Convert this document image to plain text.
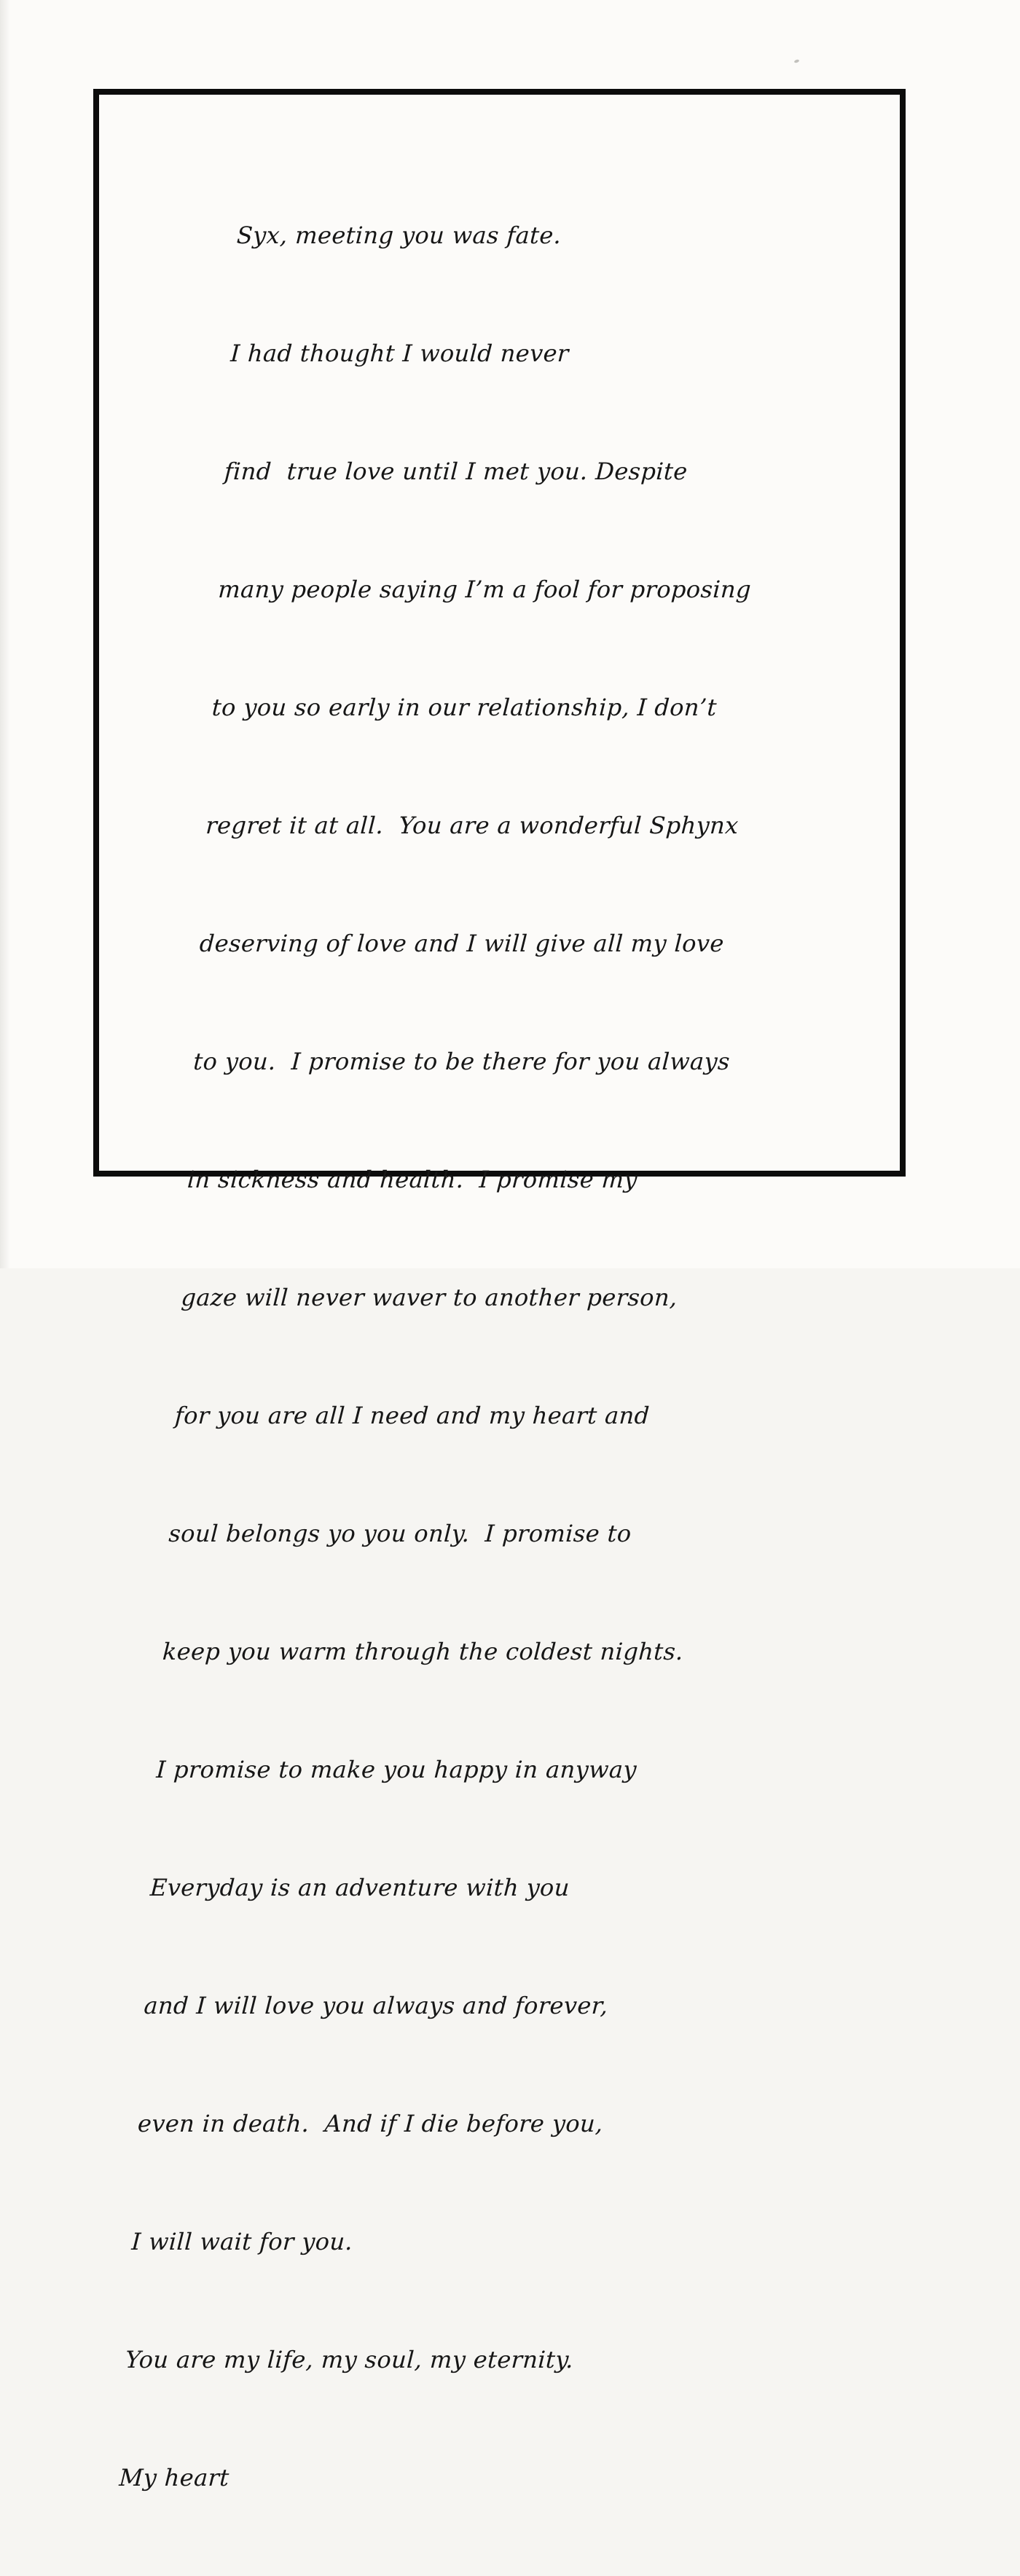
Syx, meeting you was fate.

I had thought I would never

find  true love until I met you. Despite

many people saying I’m a fool for proposing

to you so early in our relationship, I don’t

regret it at all.  You are a wonderful Sphynx

deserving of love and I will give all my love

to you.  I promise to be there for you always

in sickness and health.  I promise my

gaze will never waver to another person,

for you are all I need and my heart and

soul belongs yo you only.  I promise to

keep you warm through the coldest nights.

I promise to make you happy in anyway

Everyday is an adventure with you

and I will love you always and forever,

even in death.  And if I die before you,

I will wait for you.

You are my life, my soul, my eternity.

My heart
